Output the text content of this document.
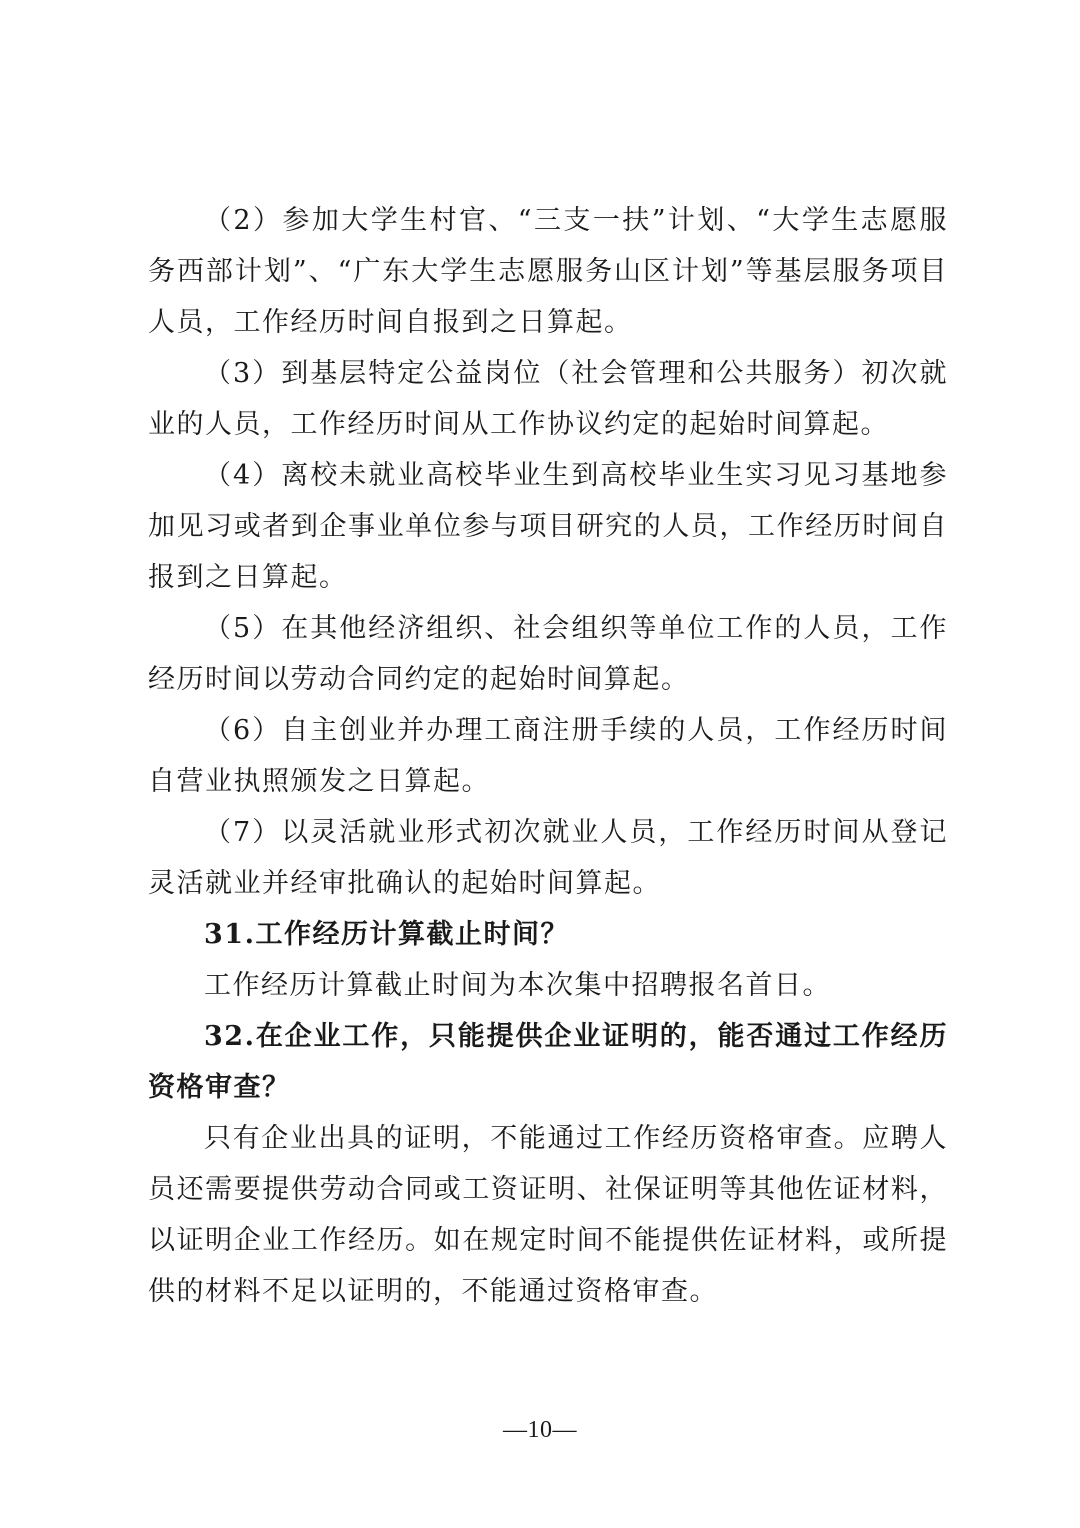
（2）参加大学生村官、“三支一扶”计划、“大学生志愿服务西部计划”、“广东大学生志愿服务山区计划”等基层服务项目人员，工作经历时间自报到之日算起。

（3）到基层特定公益岗位（社会管理和公共服务）初次就业的人员，工作经历时间从工作协议约定的起始时间算起。

（4）离校未就业高校毕业生到高校毕业生实习见习基地参加见习或者到企事业单位参与项目研究的人员，工作经历时间自报到之日算起。

（5）在其他经济组织、社会组织等单位工作的人员，工作经历时间以劳动合同约定的起始时间算起。

（6）自主创业并办理工商注册手续的人员，工作经历时间自营业执照颁发之日算起。

（7）以灵活就业形式初次就业人员，工作经历时间从登记灵活就业并经审批确认的起始时间算起。

31.工作经历计算截止时间？

工作经历计算截止时间为本次集中招聘报名首日。

32.在企业工作，只能提供企业证明的，能否通过工作经历资格审查？

只有企业出具的证明，不能通过工作经历资格审查。应聘人员还需要提供劳动合同或工资证明、社保证明等其他佐证材料，以证明企业工作经历。如在规定时间不能提供佐证材料，或所提供的材料不足以证明的，不能通过资格审查。

—10—
